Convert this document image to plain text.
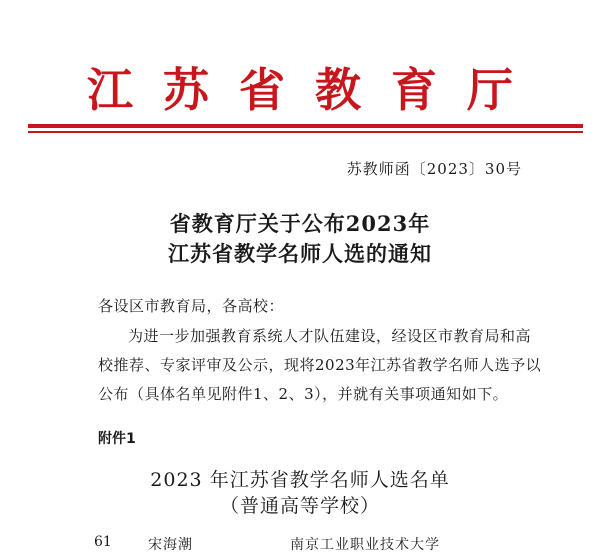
江苏省教育厅
苏教师函〔2023〕30号
省教育厅关于公布2023年
江苏省教学名师人选的通知
各设区市教育局，各高校：
为进一步加强教育系统人才队伍建设，经设区市教育局和高
校推荐、专家评审及公示，现将2023年江苏省教学名师人选予以
公布（具体名单见附件1、2、3），并就有关事项通知如下。
附件1
2023 年江苏省教学名师人选名单
（普通高等学校）
61	宋海潮	南京工业职业技术大学
